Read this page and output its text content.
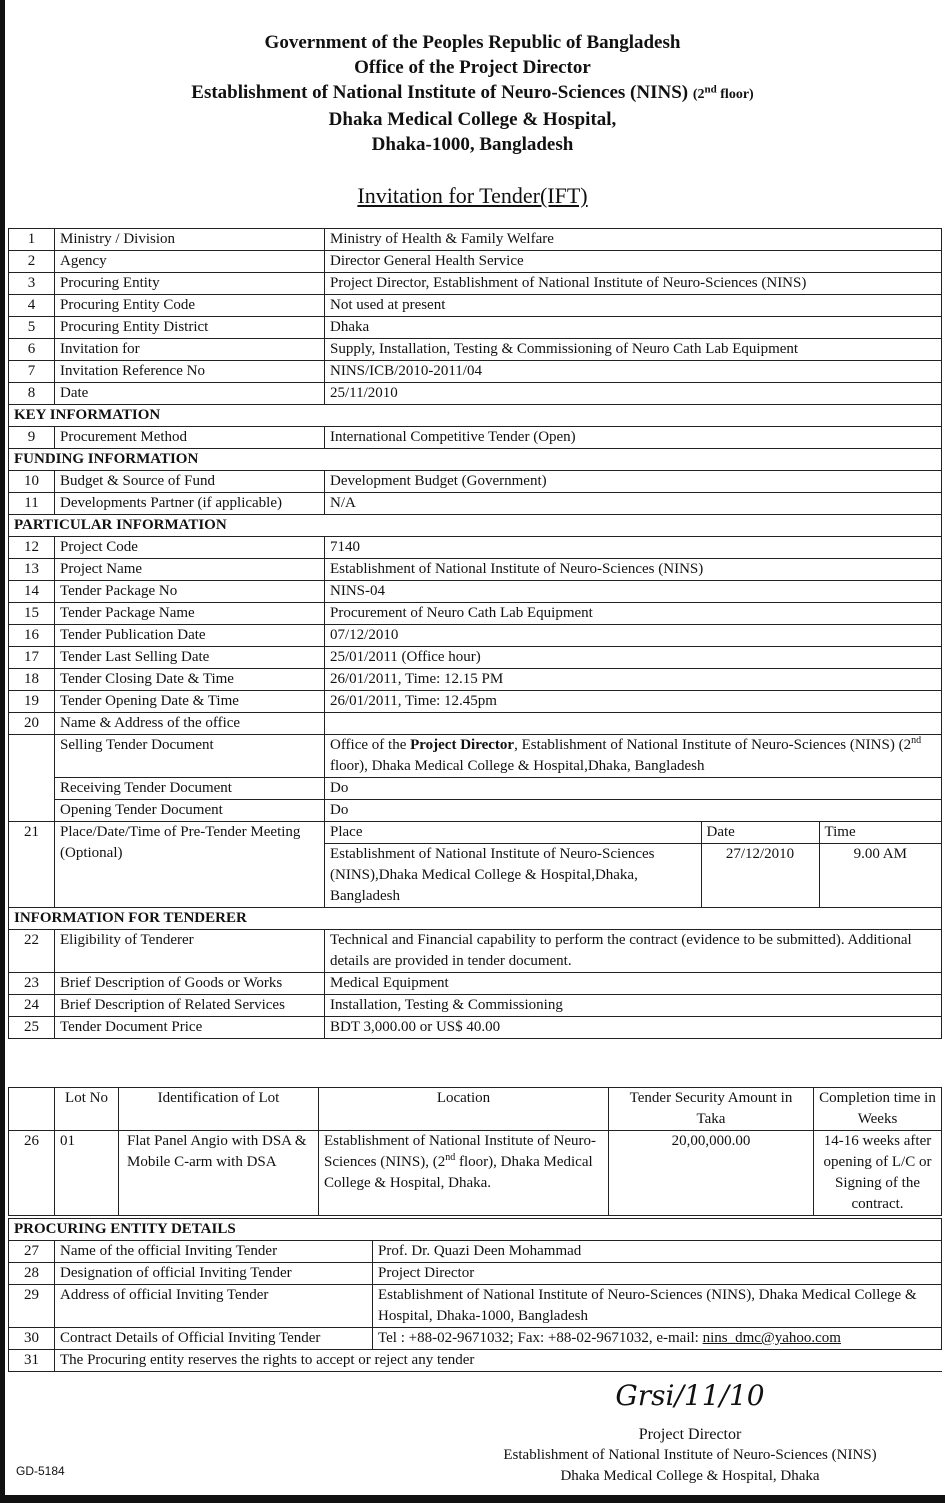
Government of the Peoples Republic of Bangladesh
Office of the Project Director
Establishment of National Institute of Neuro-Sciences (NINS) (2nd floor)
Dhaka Medical College & Hospital,
Dhaka-1000, Bangladesh
Invitation for Tender(IFT)
1	Ministry / Division	Ministry of Health & Family Welfare
2	Agency	Director General Health Service
3	Procuring Entity	Project Director, Establishment of National Institute of Neuro-Sciences (NINS)
4	Procuring Entity Code	Not used at present
5	Procuring Entity District	Dhaka
6	Invitation for	Supply, Installation, Testing & Commissioning of Neuro Cath Lab Equipment
7	Invitation Reference No	NINS/ICB/2010-2011/04
8	Date	25/11/2010
KEY INFORMATION
9	Procurement Method	International Competitive Tender (Open)
FUNDING INFORMATION
10	Budget & Source of Fund	Development Budget (Government)
11	Developments Partner (if applicable)	N/A
PARTICULAR INFORMATION
12	Project Code	7140
13	Project Name	Establishment of National Institute of Neuro-Sciences (NINS)
14	Tender Package No	NINS-04
15	Tender Package Name	Procurement of Neuro Cath Lab Equipment
16	Tender Publication Date	07/12/2010
17	Tender Last Selling Date	25/01/2011 (Office hour)
18	Tender Closing Date & Time	26/01/2011, Time: 12.15 PM
19	Tender Opening Date & Time	26/01/2011, Time: 12.45pm
20	Name & Address of the office	
	Selling Tender Document	Office of the Project Director, Establishment of National Institute of Neuro-Sciences (NINS) (2nd floor), Dhaka Medical College & Hospital,Dhaka, Bangladesh
Receiving Tender Document	Do
Opening Tender Document	Do
21	Place/Date/Time of Pre-Tender Meeting (Optional)	
Place	Date	Time
Establishment of National Institute of Neuro-Sciences (NINS),Dhaka Medical College & Hospital,Dhaka, Bangladesh	27/12/2010	9.00 AM

INFORMATION FOR TENDERER
22	Eligibility of Tenderer	Technical and Financial capability to perform the contract (evidence to be submitted). Additional details are provided in tender document.
23	Brief Description of Goods or Works	Medical Equipment
24	Brief Description of Related Services	Installation, Testing & Commissioning
25	Tender Document Price	BDT 3,000.00 or US$ 40.00
	Lot No	Identification of Lot	Location	Tender Security Amount in Taka	Completion time in Weeks
26	01	Flat Panel Angio with DSA & Mobile C-arm with DSA	Establishment of National Institute of Neuro-Sciences (NINS), (2nd floor), Dhaka Medical College & Hospital, Dhaka.	20,00,000.00	14-16 weeks after opening of L/C or Signing of the contract.
PROCURING ENTITY DETAILS		
27	Name of the official Inviting Tender	Prof. Dr. Quazi Deen Mohammad
28	Designation of official Inviting Tender	Project Director
29	Address of official Inviting Tender	Establishment of National Institute of Neuro-Sciences (NINS), Dhaka Medical College & Hospital, Dhaka-1000, Bangladesh
30	Contract Details of Official Inviting Tender	Tel : +88-02-9671032; Fax: +88-02-9671032, e-mail: nins_dmc@yahoo.com
31	The Procuring entity reserves the rights to accept or reject any tender	
Grsi/11/10
Project Director
Establishment of National Institute of Neuro-Sciences (NINS)
Dhaka Medical College & Hospital, Dhaka
GD-5184
